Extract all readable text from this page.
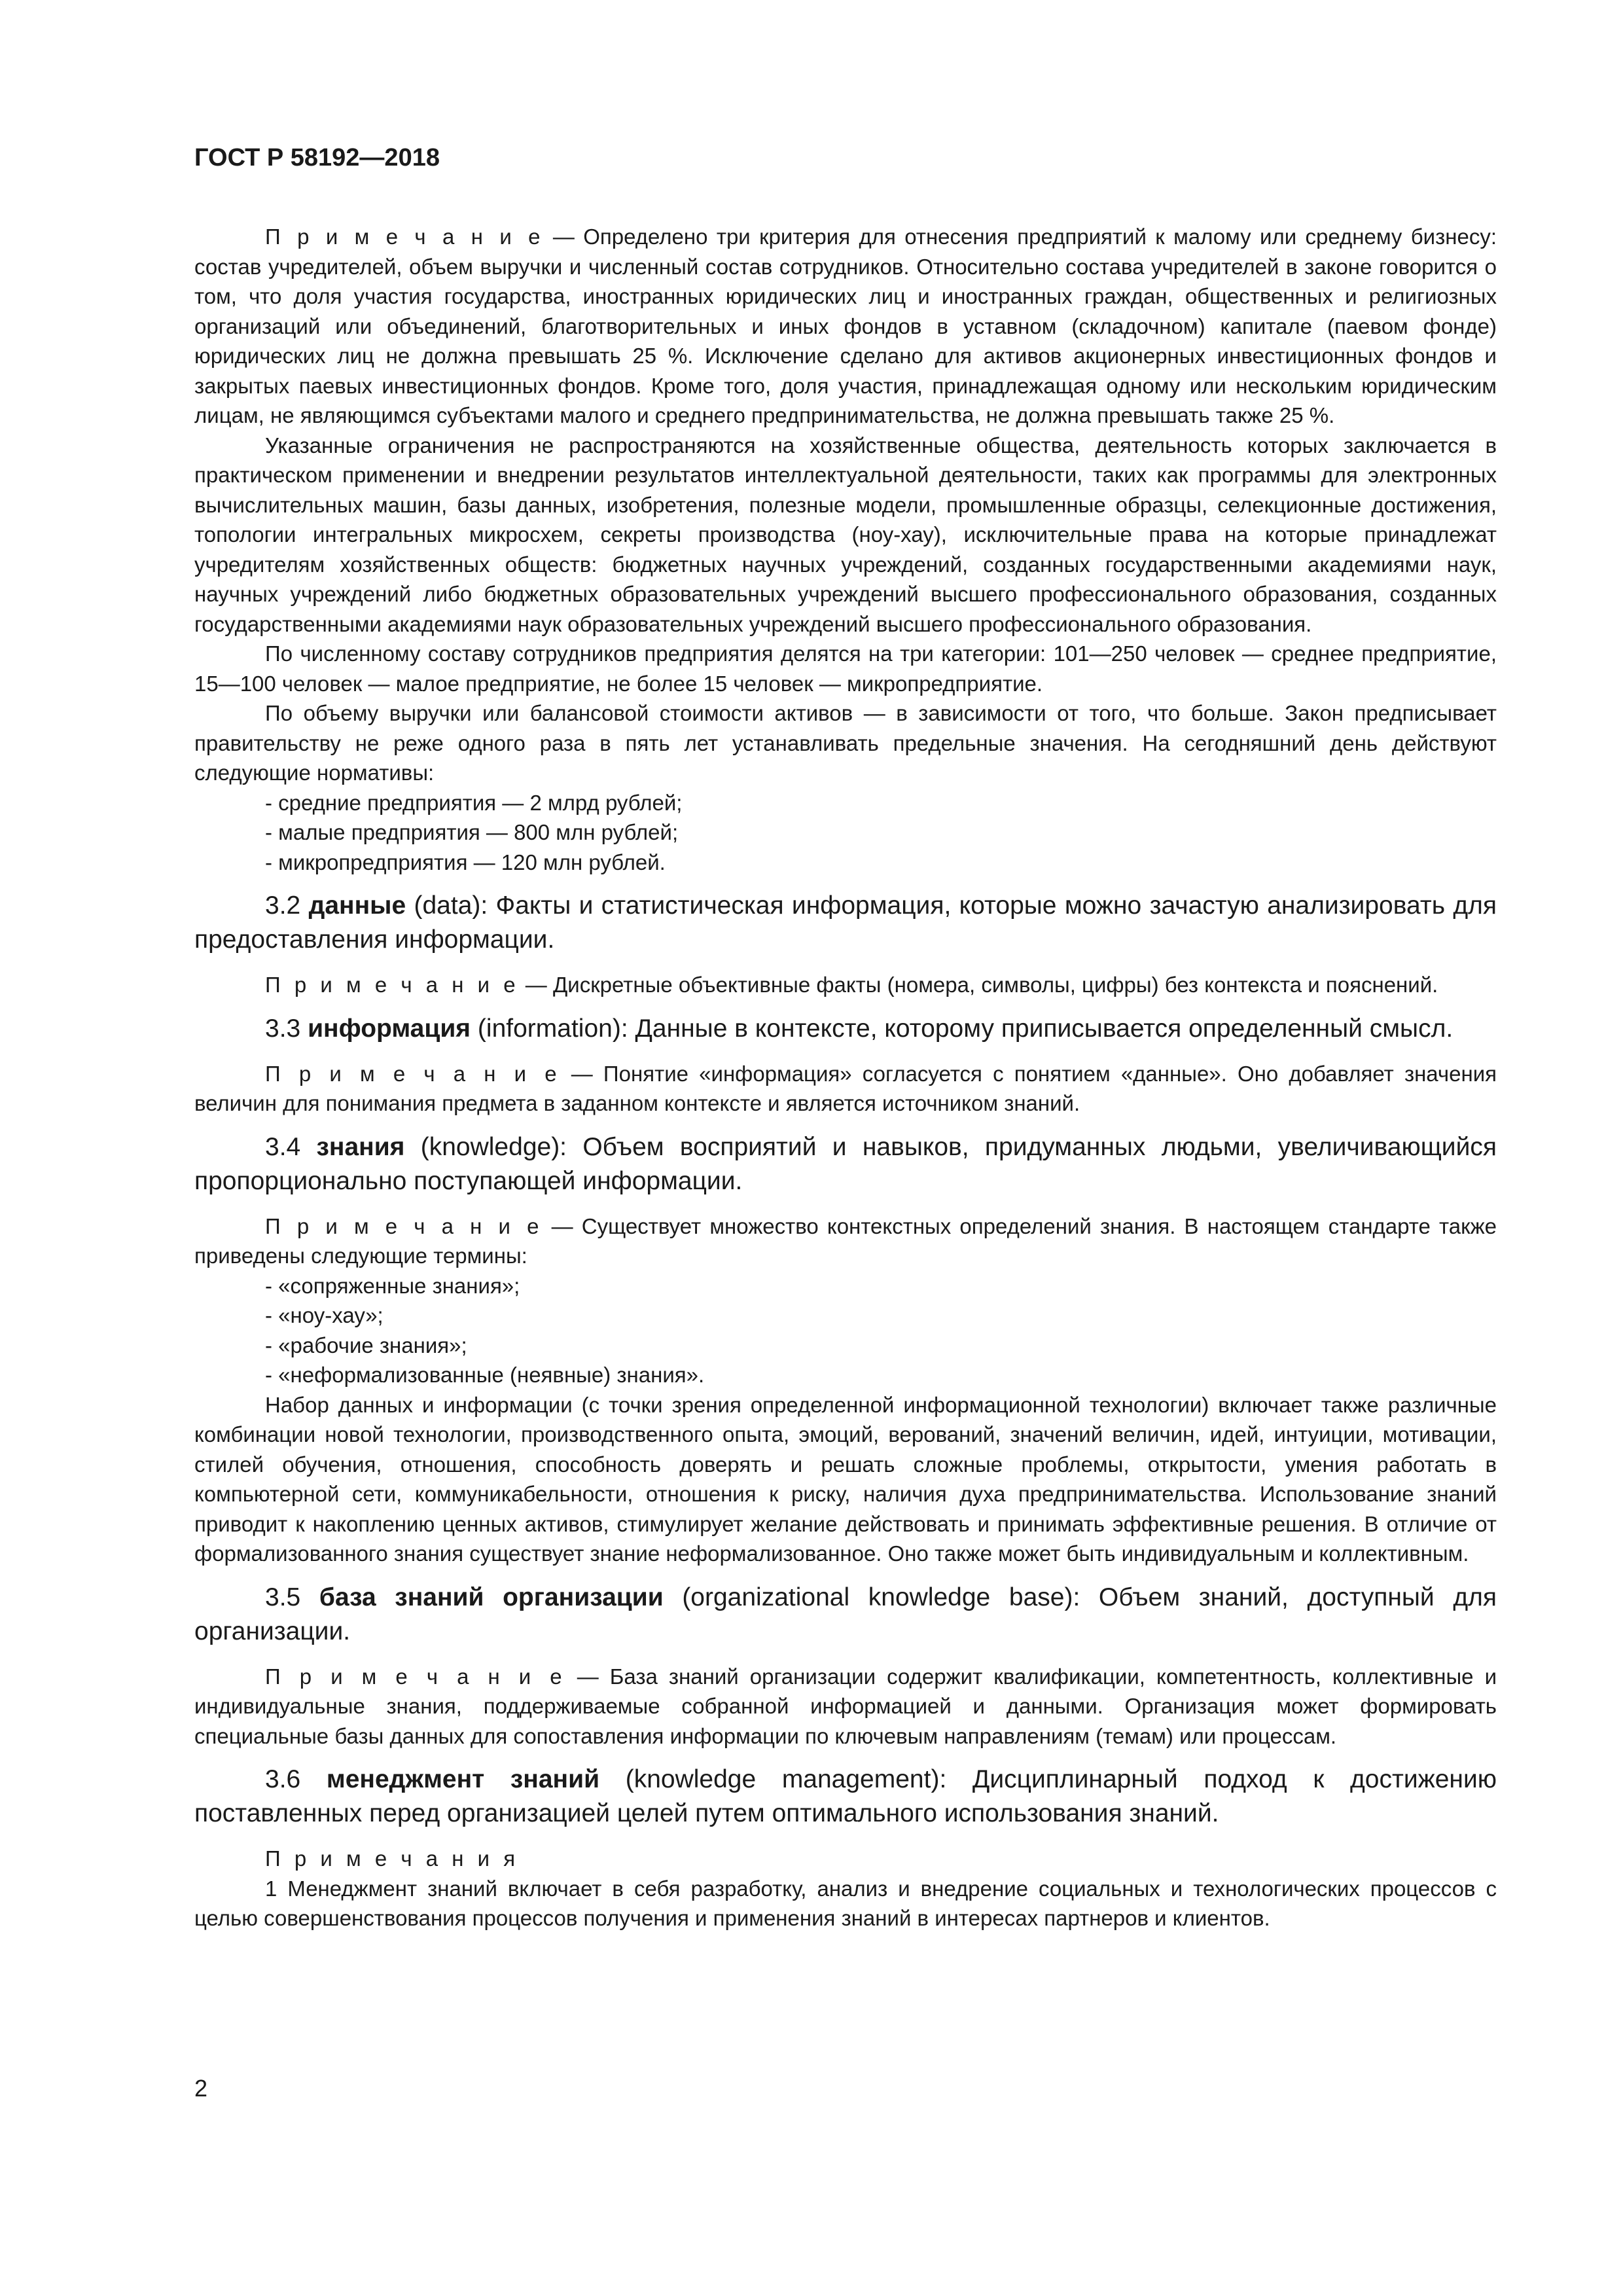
ГОСТ Р 58192—2018

П р и м е ч а н и е — Определено три критерия для отнесения предприятий к малому или среднему бизнесу: состав учредителей, объем выручки и численный состав сотрудников. Относительно состава учредителей в законе говорится о том, что доля участия государства, иностранных юридических лиц и иностранных граждан, общественных и религиозных организаций или объединений, благотворительных и иных фондов в уставном (складочном) капитале (паевом фонде) юридических лиц не должна превышать 25 %. Исключение сделано для активов акционерных инвестиционных фондов и закрытых паевых инвестиционных фондов. Кроме того, доля участия, принадлежащая одному или нескольким юридическим лицам, не являющимся субъектами малого и среднего предпринимательства, не должна превышать также 25 %.

Указанные ограничения не распространяются на хозяйственные общества, деятельность которых заключается в практическом применении и внедрении результатов интеллектуальной деятельности, таких как программы для электронных вычислительных машин, базы данных, изобретения, полезные модели, промышленные образцы, селекционные достижения, топологии интегральных микросхем, секреты производства (ноу-хау), исключительные права на которые принадлежат учредителям хозяйственных обществ: бюджетных научных учреждений, созданных государственными академиями наук, научных учреждений либо бюджетных образовательных учреждений высшего профессионального образования, созданных государственными академиями наук образовательных учреждений высшего профессионального образования.

По численному составу сотрудников предприятия делятся на три категории: 101—250 человек — среднее предприятие, 15—100 человек — малое предприятие, не более 15 человек — микропредприятие.

По объему выручки или балансовой стоимости активов — в зависимости от того, что больше. Закон предписывает правительству не реже одного раза в пять лет устанавливать предельные значения. На сегодняшний день действуют следующие нормативы:

- средние предприятия — 2 млрд рублей;
- малые предприятия — 800 млн рублей;
- микропредприятия — 120 млн рублей.

3.2 данные (data): Факты и статистическая информация, которые можно зачастую анализировать для предоставления информации.

П р и м е ч а н и е — Дискретные объективные факты (номера, символы, цифры) без контекста и пояснений.

3.3 информация (information): Данные в контексте, которому приписывается определенный смысл.

П р и м е ч а н и е — Понятие «информация» согласуется с понятием «данные». Оно добавляет значения величин для понимания предмета в заданном контексте и является источником знаний.

3.4 знания (knowledge): Объем восприятий и навыков, придуманных людьми, увеличивающийся пропорционально поступающей информации.

П р и м е ч а н и е — Существует множество контекстных определений знания. В настоящем стандарте также приведены следующие термины:

- «сопряженные знания»;
- «ноу-хау»;
- «рабочие знания»;
- «неформализованные (неявные) знания».

Набор данных и информации (с точки зрения определенной информационной технологии) включает также различные комбинации новой технологии, производственного опыта, эмоций, верований, значений величин, идей, интуиции, мотивации, стилей обучения, отношения, способность доверять и решать сложные проблемы, открытости, умения работать в компьютерной сети, коммуникабельности, отношения к риску, наличия духа предпринимательства. Использование знаний приводит к накоплению ценных активов, стимулирует желание действовать и принимать эффективные решения. В отличие от формализованного знания существует знание неформализованное. Оно также может быть индивидуальным и коллективным.

3.5 база знаний организации (organizational knowledge base): Объем знаний, доступный для организации.

П р и м е ч а н и е — База знаний организации содержит квалификации, компетентность, коллективные и индивидуальные знания, поддерживаемые собранной информацией и данными. Организация может формировать специальные базы данных для сопоставления информации по ключевым направлениям (темам) или процессам.

3.6 менеджмент знаний (knowledge management): Дисциплинарный подход к достижению поставленных перед организацией целей путем оптимального использования знаний.

П р и м е ч а н и я

1 Менеджмент знаний включает в себя разработку, анализ и внедрение социальных и технологических процессов с целью совершенствования процессов получения и применения знаний в интересах партнеров и клиентов.

2
